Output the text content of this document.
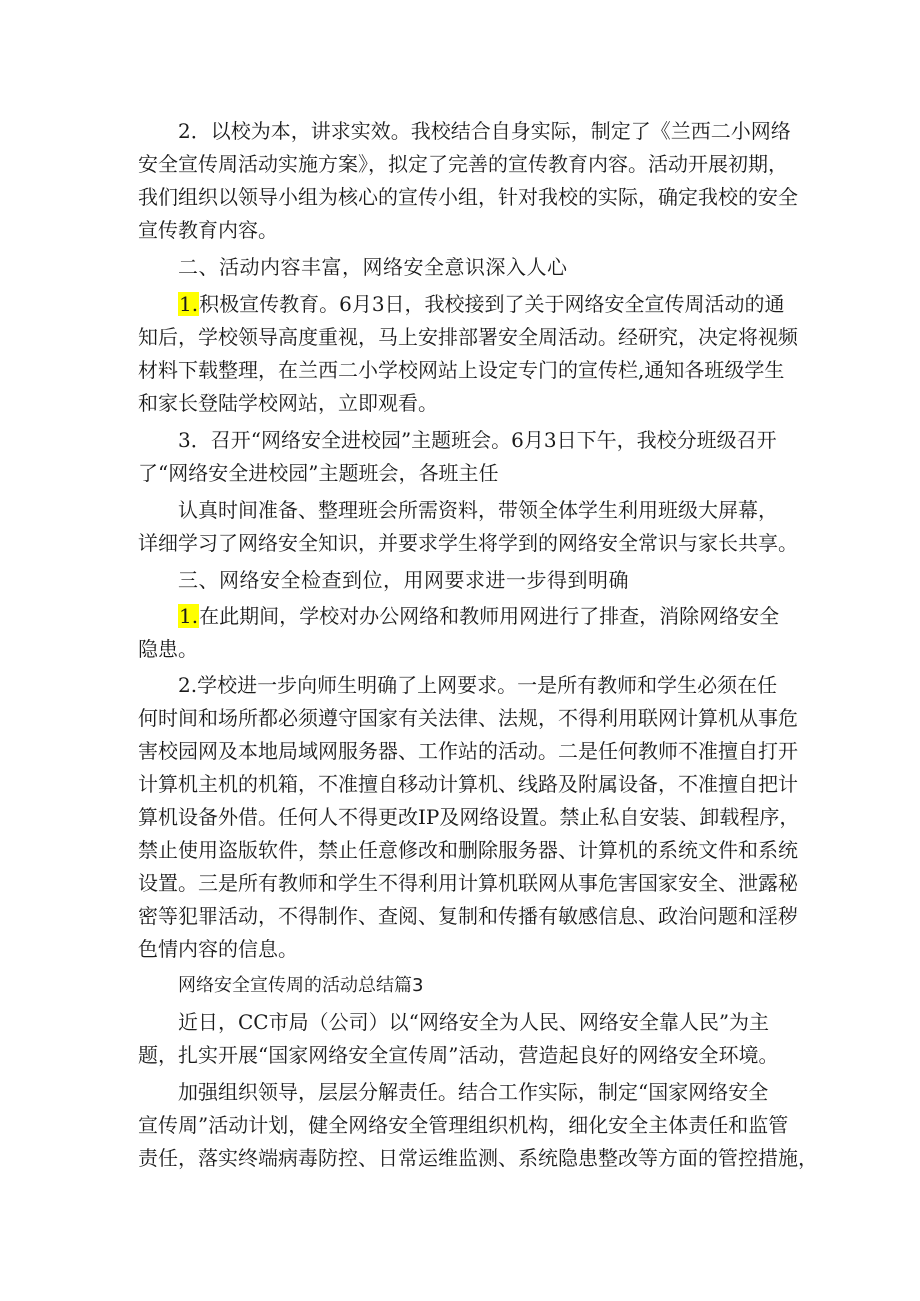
2．以校为本，讲求实效。我校结合自身实际，制定了《兰西二小网络
安全宣传周活动实施方案》，拟定了完善的宣传教育内容。活动开展初期，
我们组织以领导小组为核心的宣传小组，针对我校的实际，确定我校的安全
宣传教育内容。
二、活动内容丰富，网络安全意识深入人心
1.积极宣传教育。6月3日，我校接到了关于网络安全宣传周活动的通
知后，学校领导高度重视，马上安排部署安全周活动。经研究，决定将视频
材料下载整理，在兰西二小学校网站上设定专门的宣传栏,通知各班级学生
和家长登陆学校网站，立即观看。
3．召开“网络安全进校园”主题班会。6月3日下午，我校分班级召开
了“网络安全进校园”主题班会，各班主任
认真时间准备、整理班会所需资料，带领全体学生利用班级大屏幕，
详细学习了网络安全知识，并要求学生将学到的网络安全常识与家长共享。
三、网络安全检查到位，用网要求进一步得到明确
1.在此期间，学校对办公网络和教师用网进行了排查，消除网络安全
隐患。
2.学校进一步向师生明确了上网要求。一是所有教师和学生必须在任
何时间和场所都必须遵守国家有关法律、法规，不得利用联网计算机从事危
害校园网及本地局域网服务器、工作站的活动。二是任何教师不准擅自打开
计算机主机的机箱，不准擅自移动计算机、线路及附属设备，不准擅自把计
算机设备外借。任何人不得更改IP及网络设置。禁止私自安装、卸载程序，
禁止使用盗版软件，禁止任意修改和删除服务器、计算机的系统文件和系统
设置。三是所有教师和学生不得利用计算机联网从事危害国家安全、泄露秘
密等犯罪活动，不得制作、查阅、复制和传播有敏感信息、政治问题和淫秽
色情内容的信息。
网络安全宣传周的活动总结篇3
近日，CC市局（公司）以“网络安全为人民、网络安全靠人民”为主
题，扎实开展“国家网络安全宣传周”活动，营造起良好的网络安全环境。
加强组织领导，层层分解责任。结合工作实际，制定“国家网络安全
宣传周”活动计划，健全网络安全管理组织机构，细化安全主体责任和监管
责任，落实终端病毒防控、日常运维监测、系统隐患整改等方面的管控措施，
